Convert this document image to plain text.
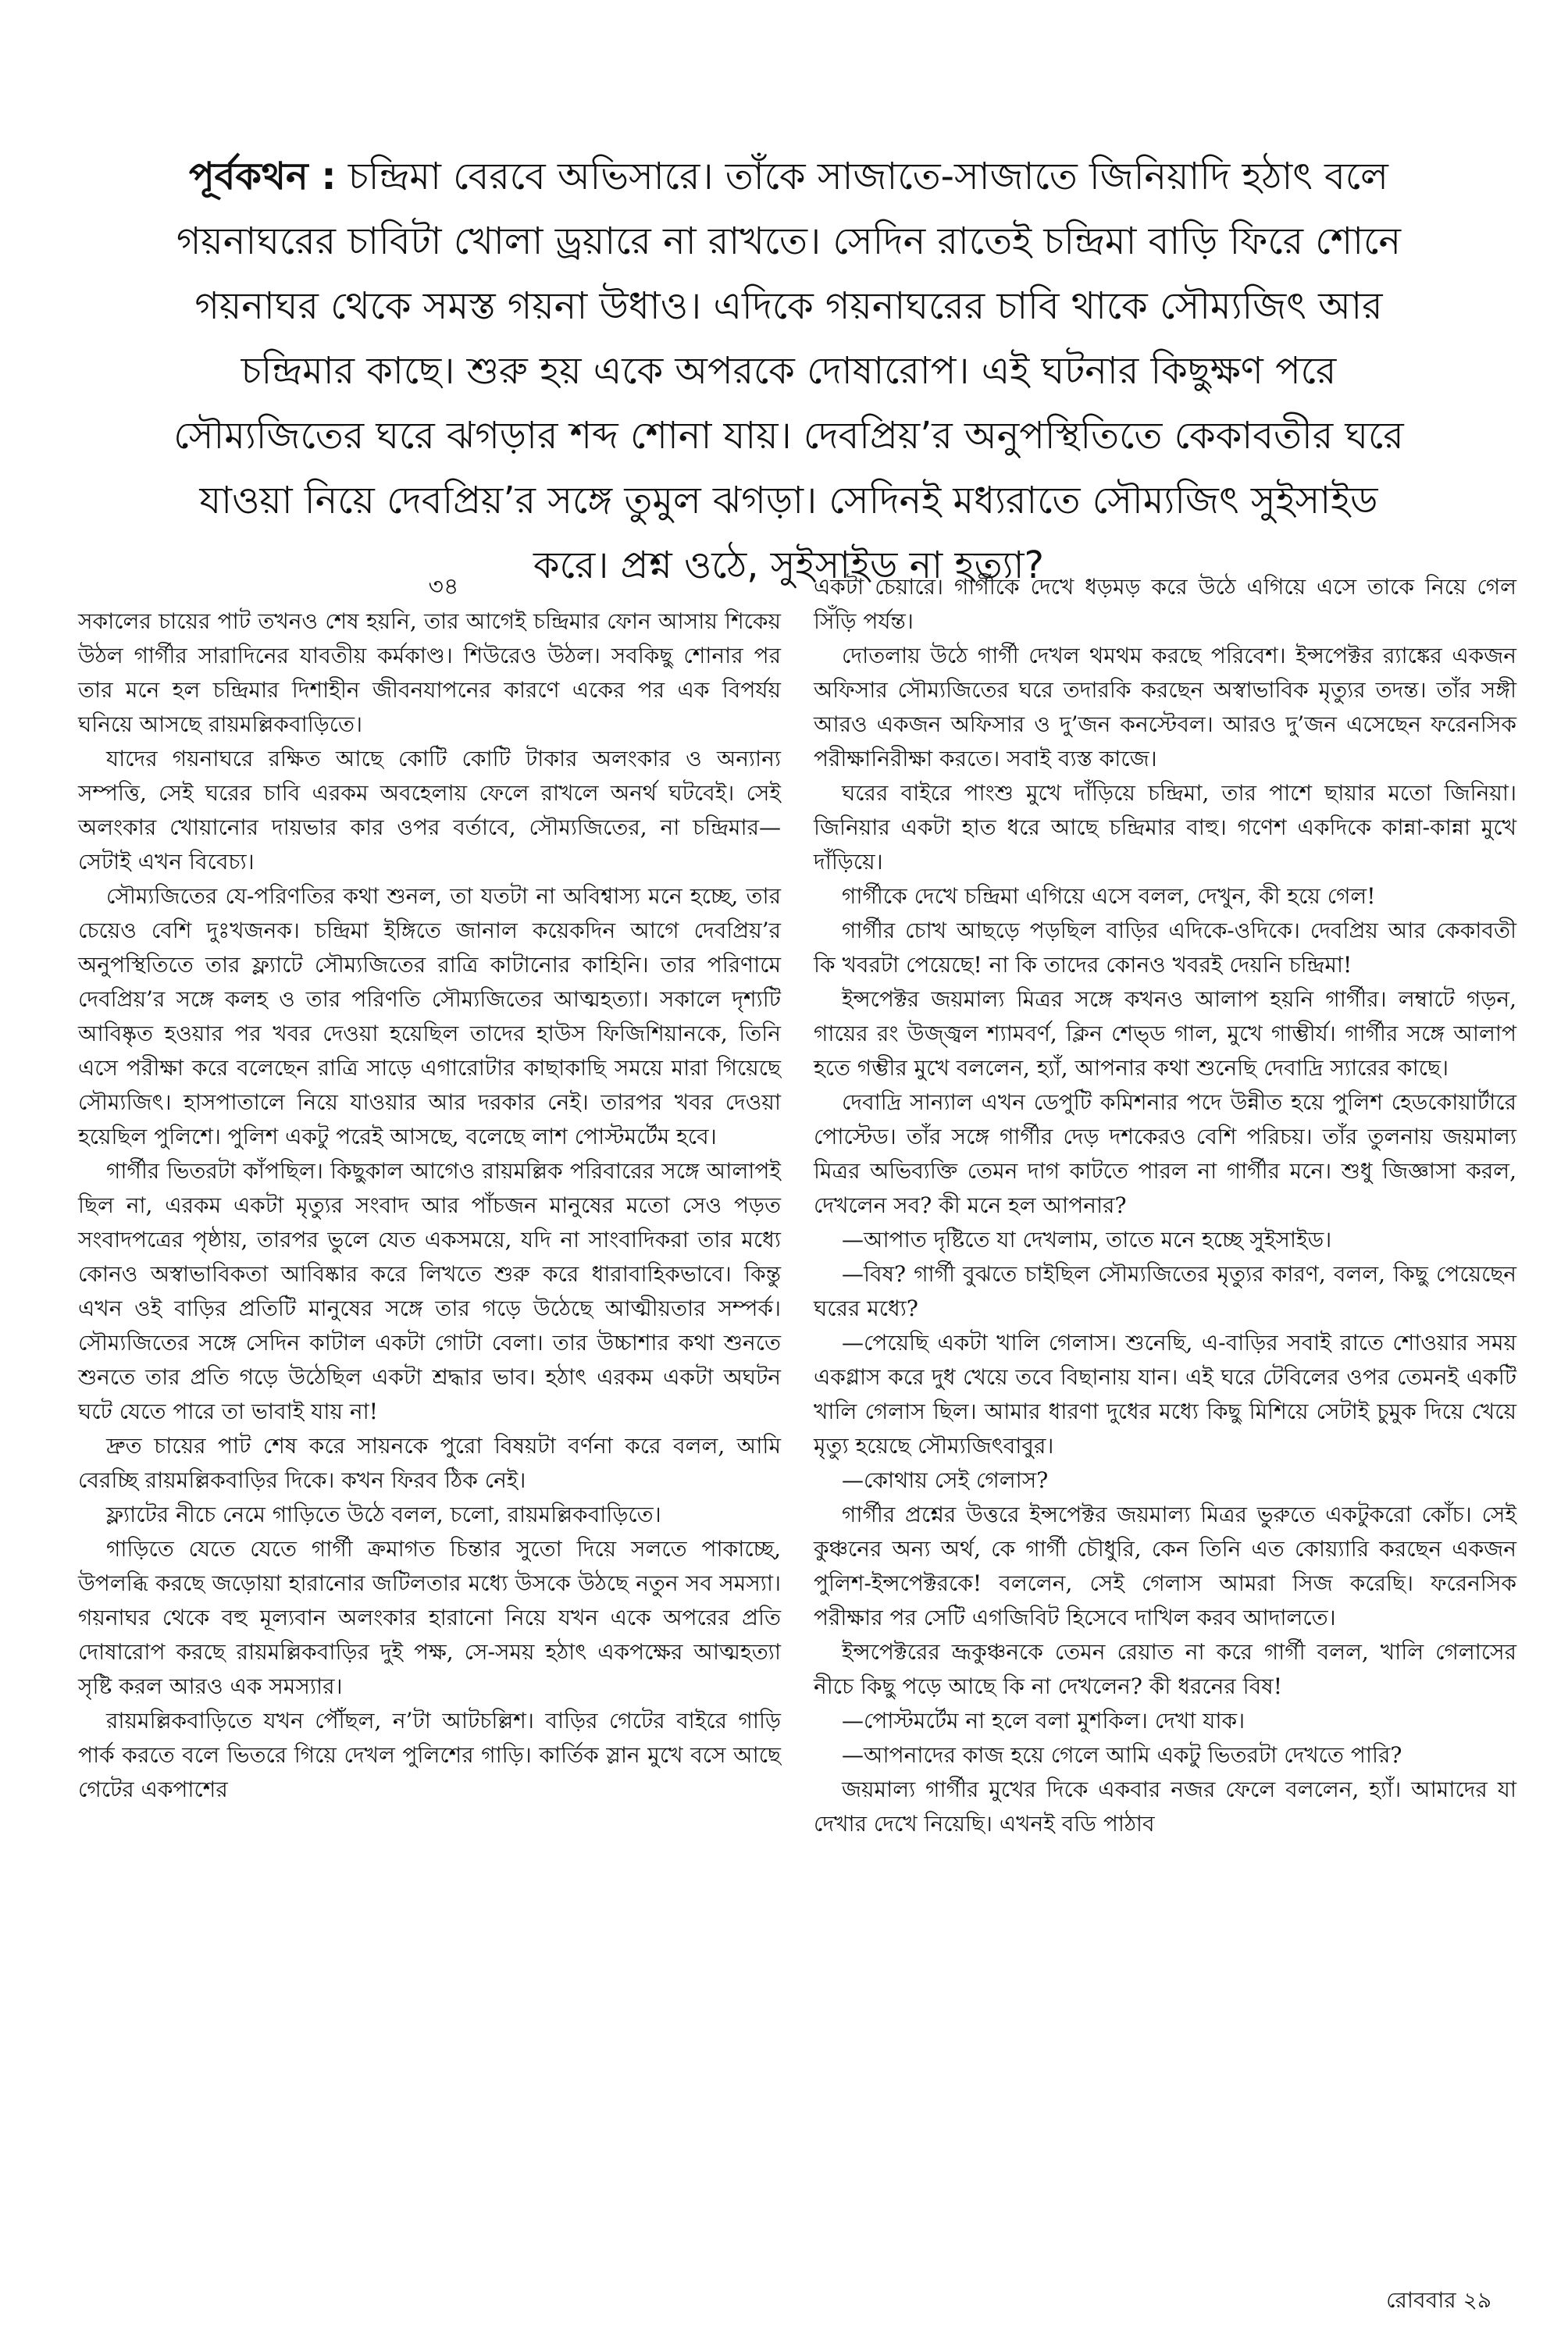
পূর্বকথন : চন্দ্রিমা বেরবে অভিসারে। তাঁকে সাজাতে-সাজাতে জিনিয়াদি হঠাৎ বলে গয়নাঘরের চাবিটা খোলা ড্রয়ারে না রাখতে। সেদিন রাতেই চন্দ্রিমা বাড়ি ফিরে শোনে গয়নাঘর থেকে সমস্ত গয়না উধাও। এদিকে গয়নাঘরের চাবি থাকে সৌম্যজিৎ আর চন্দ্রিমার কাছে। শুরু হয় একে অপরকে দোষারোপ। এই ঘটনার কিছুক্ষণ পরে সৌম্যজিতের ঘরে ঝগড়ার শব্দ শোনা যায়। দেবপ্রিয়’র অনুপস্থিতিতে কেকাবতীর ঘরে যাওয়া নিয়ে দেবপ্রিয়’র সঙ্গে তুমুল ঝগড়া। সেদিনই মধ্যরাতে সৌম্যজিৎ সুইসাইড করে। প্রশ্ন ওঠে, সুইসাইড না হত্যা?

৩৪

সকালের চায়ের পাট তখনও শেষ হয়নি, তার আগেই চন্দ্রিমার ফোন আসায় শিকেয় উঠল গার্গীর সারাদিনের যাবতীয় কর্মকাণ্ড। শিউরেও উঠল। সবকিছু শোনার পর তার মনে হল চন্দ্রিমার দিশাহীন জীবনযাপনের কারণে একের পর এক বিপর্যয় ঘনিয়ে আসছে রায়মল্লিকবাড়িতে।

যাদের গয়নাঘরে রক্ষিত আছে কোটি কোটি টাকার অলংকার ও অন্যান্য সম্পত্তি, সেই ঘরের চাবি এরকম অবহেলায় ফেলে রাখলে অনর্থ ঘটবেই। সেই অলংকার খোয়ানোর দায়ভার কার ওপর বর্তাবে, সৌম্যজিতের, না চন্দ্রিমার—সেটাই এখন বিবেচ্য।

সৌম্যজিতের যে-পরিণতির কথা শুনল, তা যতটা না অবিশ্বাস্য মনে হচ্ছে, তার চেয়েও বেশি দুঃখজনক। চন্দ্রিমা ইঙ্গিতে জানাল কয়েকদিন আগে দেবপ্রিয়’র অনুপস্থিতিতে তার ফ্ল্যাটে সৌম্যজিতের রাত্রি কাটানোর কাহিনি। তার পরিণামে দেবপ্রিয়’র সঙ্গে কলহ ও তার পরিণতি সৌম্যজিতের আত্মহত্যা। সকালে দৃশ্যটি আবিষ্কৃত হওয়ার পর খবর দেওয়া হয়েছিল তাদের হাউস ফিজিশিয়ানকে, তিনি এসে পরীক্ষা করে বলেছেন রাত্রি সাড়ে এগারোটার কাছাকাছি সময়ে মারা গিয়েছে সৌম্যজিৎ। হাসপাতালে নিয়ে যাওয়ার আর দরকার নেই। তারপর খবর দেওয়া হয়েছিল পুলিশে। পুলিশ একটু পরেই আসছে, বলেছে লাশ পোস্টমর্টেম হবে।

গার্গীর ভিতরটা কাঁপছিল। কিছুকাল আগেও রায়মল্লিক পরিবারের সঙ্গে আলাপই ছিল না, এরকম একটা মৃত্যুর সংবাদ আর পাঁচজন মানুষের মতো সেও পড়ত সংবাদপত্রের পৃষ্ঠায়, তারপর ভুলে যেত একসময়ে, যদি না সাংবাদিকরা তার মধ্যে কোনও অস্বাভাবিকতা আবিষ্কার করে লিখতে শুরু করে ধারাবাহিকভাবে। কিন্তু এখন ওই বাড়ির প্রতিটি মানুষের সঙ্গে তার গড়ে উঠেছে আত্মীয়তার সম্পর্ক। সৌম্যজিতের সঙ্গে সেদিন কাটাল একটা গোটা বেলা। তার উচ্চাশার কথা শুনতে শুনতে তার প্রতি গড়ে উঠেছিল একটা শ্রদ্ধার ভাব। হঠাৎ এরকম একটা অঘটন ঘটে যেতে পারে তা ভাবাই যায় না!

দ্রুত চায়ের পাট শেষ করে সায়নকে পুরো বিষয়টা বর্ণনা করে বলল, আমি বেরচ্ছি রায়মল্লিকবাড়ির দিকে। কখন ফিরব ঠিক নেই।

ফ্ল্যাটের নীচে নেমে গাড়িতে উঠে বলল, চলো, রায়মল্লিকবাড়িতে।

গাড়িতে যেতে যেতে গার্গী ক্রমাগত চিন্তার সুতো দিয়ে সলতে পাকাচ্ছে, উপলব্ধি করছে জড়োয়া হারানোর জটিলতার মধ্যে উসকে উঠছে নতুন সব সমস্যা। গয়নাঘর থেকে বহু মূল্যবান অলংকার হারানো নিয়ে যখন একে অপরের প্রতি দোষারোপ করছে রায়মল্লিকবাড়ির দুই পক্ষ, সে-সময় হঠাৎ একপক্ষের আত্মহত্যা সৃষ্টি করল আরও এক সমস্যার।

রায়মল্লিকবাড়িতে যখন পৌঁছল, ন’টা আটচল্লিশ। বাড়ির গেটের বাইরে গাড়ি পার্ক করতে বলে ভিতরে গিয়ে দেখল পুলিশের গাড়ি। কার্তিক স্লান মুখে বসে আছে গেটের একপাশের

একটা চেয়ারে। গার্গীকে দেখে ধড়মড় করে উঠে এগিয়ে এসে তাকে নিয়ে গেল সিঁড়ি পর্যন্ত।

দোতলায় উঠে গার্গী দেখল থমথম করছে পরিবেশ। ইন্সপেক্টর র‍্যাঙ্কের একজন অফিসার সৌম্যজিতের ঘরে তদারকি করছেন অস্বাভাবিক মৃত্যুর তদন্ত। তাঁর সঙ্গী আরও একজন অফিসার ও দু’জন কনস্টেবল। আরও দু’জন এসেছেন ফরেনসিক পরীক্ষানিরীক্ষা করতে। সবাই ব্যস্ত কাজে।

ঘরের বাইরে পাংশু মুখে দাঁড়িয়ে চন্দ্রিমা, তার পাশে ছায়ার মতো জিনিয়া। জিনিয়ার একটা হাত ধরে আছে চন্দ্রিমার বাহু। গণেশ একদিকে কান্না-কান্না মুখে দাঁড়িয়ে।

গার্গীকে দেখে চন্দ্রিমা এগিয়ে এসে বলল, দেখুন, কী হয়ে গেল!

গার্গীর চোখ আছড়ে পড়ছিল বাড়ির এদিকে-ওদিকে। দেবপ্রিয় আর কেকাবতী কি খবরটা পেয়েছে! না কি তাদের কোনও খবরই দেয়নি চন্দ্রিমা!

ইন্সপেক্টর জয়মাল্য মিত্রর সঙ্গে কখনও আলাপ হয়নি গার্গীর। লম্বাটে গড়ন, গায়ের রং উজ্জ্বল শ্যামবর্ণ, ক্লিন শেভ্‌ড গাল, মুখে গাম্ভীর্য। গার্গীর সঙ্গে আলাপ হতে গম্ভীর মুখে বললেন, হ্যাঁ, আপনার কথা শুনেছি দেবাদ্রি স্যারের কাছে।

দেবাদ্রি সান্যাল এখন ডেপুটি কমিশনার পদে উন্নীত হয়ে পুলিশ হেডকোয়ার্টারে পোস্টেড। তাঁর সঙ্গে গার্গীর দেড় দশকেরও বেশি পরিচয়। তাঁর তুলনায় জয়মাল্য মিত্রর অভিব্যক্তি তেমন দাগ কাটতে পারল না গার্গীর মনে। শুধু জিজ্ঞাসা করল, দেখলেন সব? কী মনে হল আপনার?

—আপাত দৃষ্টিতে যা দেখলাম, তাতে মনে হচ্ছে সুইসাইড।

—বিষ? গার্গী বুঝতে চাইছিল সৌম্যজিতের মৃত্যুর কারণ, বলল, কিছু পেয়েছেন ঘরের মধ্যে?

—পেয়েছি একটা খালি গেলাস। শুনেছি, এ-বাড়ির সবাই রাতে শোওয়ার সময় একগ্লাস করে দুধ খেয়ে তবে বিছানায় যান। এই ঘরে টেবিলের ওপর তেমনই একটি খালি গেলাস ছিল। আমার ধারণা দুধের মধ্যে কিছু মিশিয়ে সেটাই চুমুক দিয়ে খেয়ে মৃত্যু হয়েছে সৌম্যজিৎবাবুর।

—কোথায় সেই গেলাস?

গার্গীর প্রশ্নের উত্তরে ইন্সপেক্টর জয়মাল্য মিত্রর ভুরুতে একটুকরো কোঁচ। সেই কুঞ্চনের অন্য অর্থ, কে গার্গী চৌধুরি, কেন তিনি এত কোয়্যারি করছেন একজন পুলিশ-ইন্সপেক্টরকে! বললেন, সেই গেলাস আমরা সিজ করেছি। ফরেনসিক পরীক্ষার পর সেটি এগজিবিট হিসেবে দাখিল করব আদালতে।

ইন্সপেক্টরের ভ্রূকুঞ্চনকে তেমন রেয়াত না করে গার্গী বলল, খালি গেলাসের নীচে কিছু পড়ে আছে কি না দেখলেন? কী ধরনের বিষ!

—পোস্টমর্টেম না হলে বলা মুশকিল। দেখা যাক।

—আপনাদের কাজ হয়ে গেলে আমি একটু ভিতরটা দেখতে পারি?

জয়মাল্য গার্গীর মুখের দিকে একবার নজর ফেলে বললেন, হ্যাঁ। আমাদের যা দেখার দেখে নিয়েছি। এখনই বডি পাঠাব

রোববার ২৯
